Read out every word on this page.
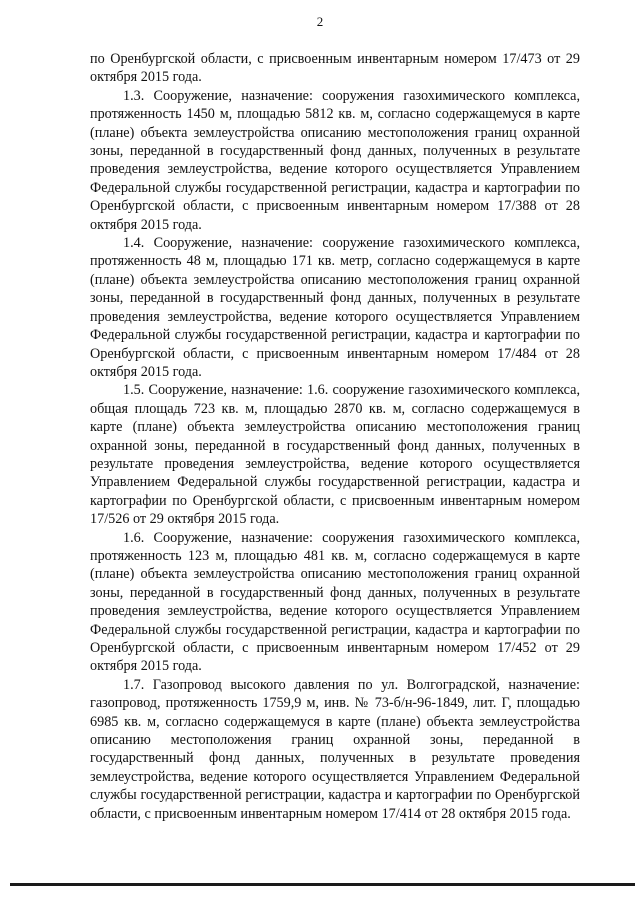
2

по Оренбургской области, с присвоенным инвентарным номером 17/473 от 29 октября 2015 года.

1.3. Сооружение, назначение: сооружения газохимического комплекса, протяженность 1450 м, площадью 5812 кв. м, согласно содержащемуся в карте (плане) объекта землеустройства описанию местоположения границ охранной зоны, переданной в государственный фонд данных, полученных в результате проведения землеустройства, ведение которого осуществляется Управлением Федеральной службы государственной регистрации, кадастра и картографии по Оренбургской области, с присвоенным инвентарным номером 17/388 от 28 октября 2015 года.

1.4. Сооружение, назначение: сооружение газохимического комплекса, протяженность 48 м, площадью 171 кв. метр, согласно содержащемуся в карте (плане) объекта землеустройства описанию местоположения границ охранной зоны, переданной в государственный фонд данных, полученных в результате проведения землеустройства, ведение которого осуществляется Управлением Федеральной службы государственной регистрации, кадастра и картографии по Оренбургской области, с присвоенным инвентарным номером 17/484 от 28 октября 2015 года.

1.5. Сооружение, назначение: 1.6. сооружение газохимического комплекса, общая площадь 723 кв. м, площадью 2870 кв. м, согласно содержащемуся в карте (плане) объекта землеустройства описанию местоположения границ охранной зоны, переданной в государственный фонд данных, полученных в результате проведения землеустройства, ведение которого осуществляется Управлением Федеральной службы государственной регистрации, кадастра и картографии по Оренбургской области, с присвоенным инвентарным номером 17/526 от 29 октября 2015 года.

1.6. Сооружение, назначение: сооружения газохимического комплекса, протяженность 123 м, площадью 481 кв. м, согласно содержащемуся в карте (плане) объекта землеустройства описанию местоположения границ охранной зоны, переданной в государственный фонд данных, полученных в результате проведения землеустройства, ведение которого осуществляется Управлением Федеральной службы государственной регистрации, кадастра и картографии по Оренбургской области, с присвоенным инвентарным номером 17/452 от 29 октября 2015 года.

1.7. Газопровод высокого давления по ул. Волгоградской, назначение: газопровод, протяженность 1759,9 м, инв. № 73-б/н-96-1849, лит. Г, площадью 6985 кв. м, согласно содержащемуся в карте (плане) объекта землеустройства описанию местоположения границ охранной зоны, переданной в государственный фонд данных, полученных в результате проведения землеустройства, ведение которого осуществляется Управлением Федеральной службы государственной регистрации, кадастра и картографии по Оренбургской области, с присвоенным инвентарным номером 17/414 от 28 октября 2015 года.
